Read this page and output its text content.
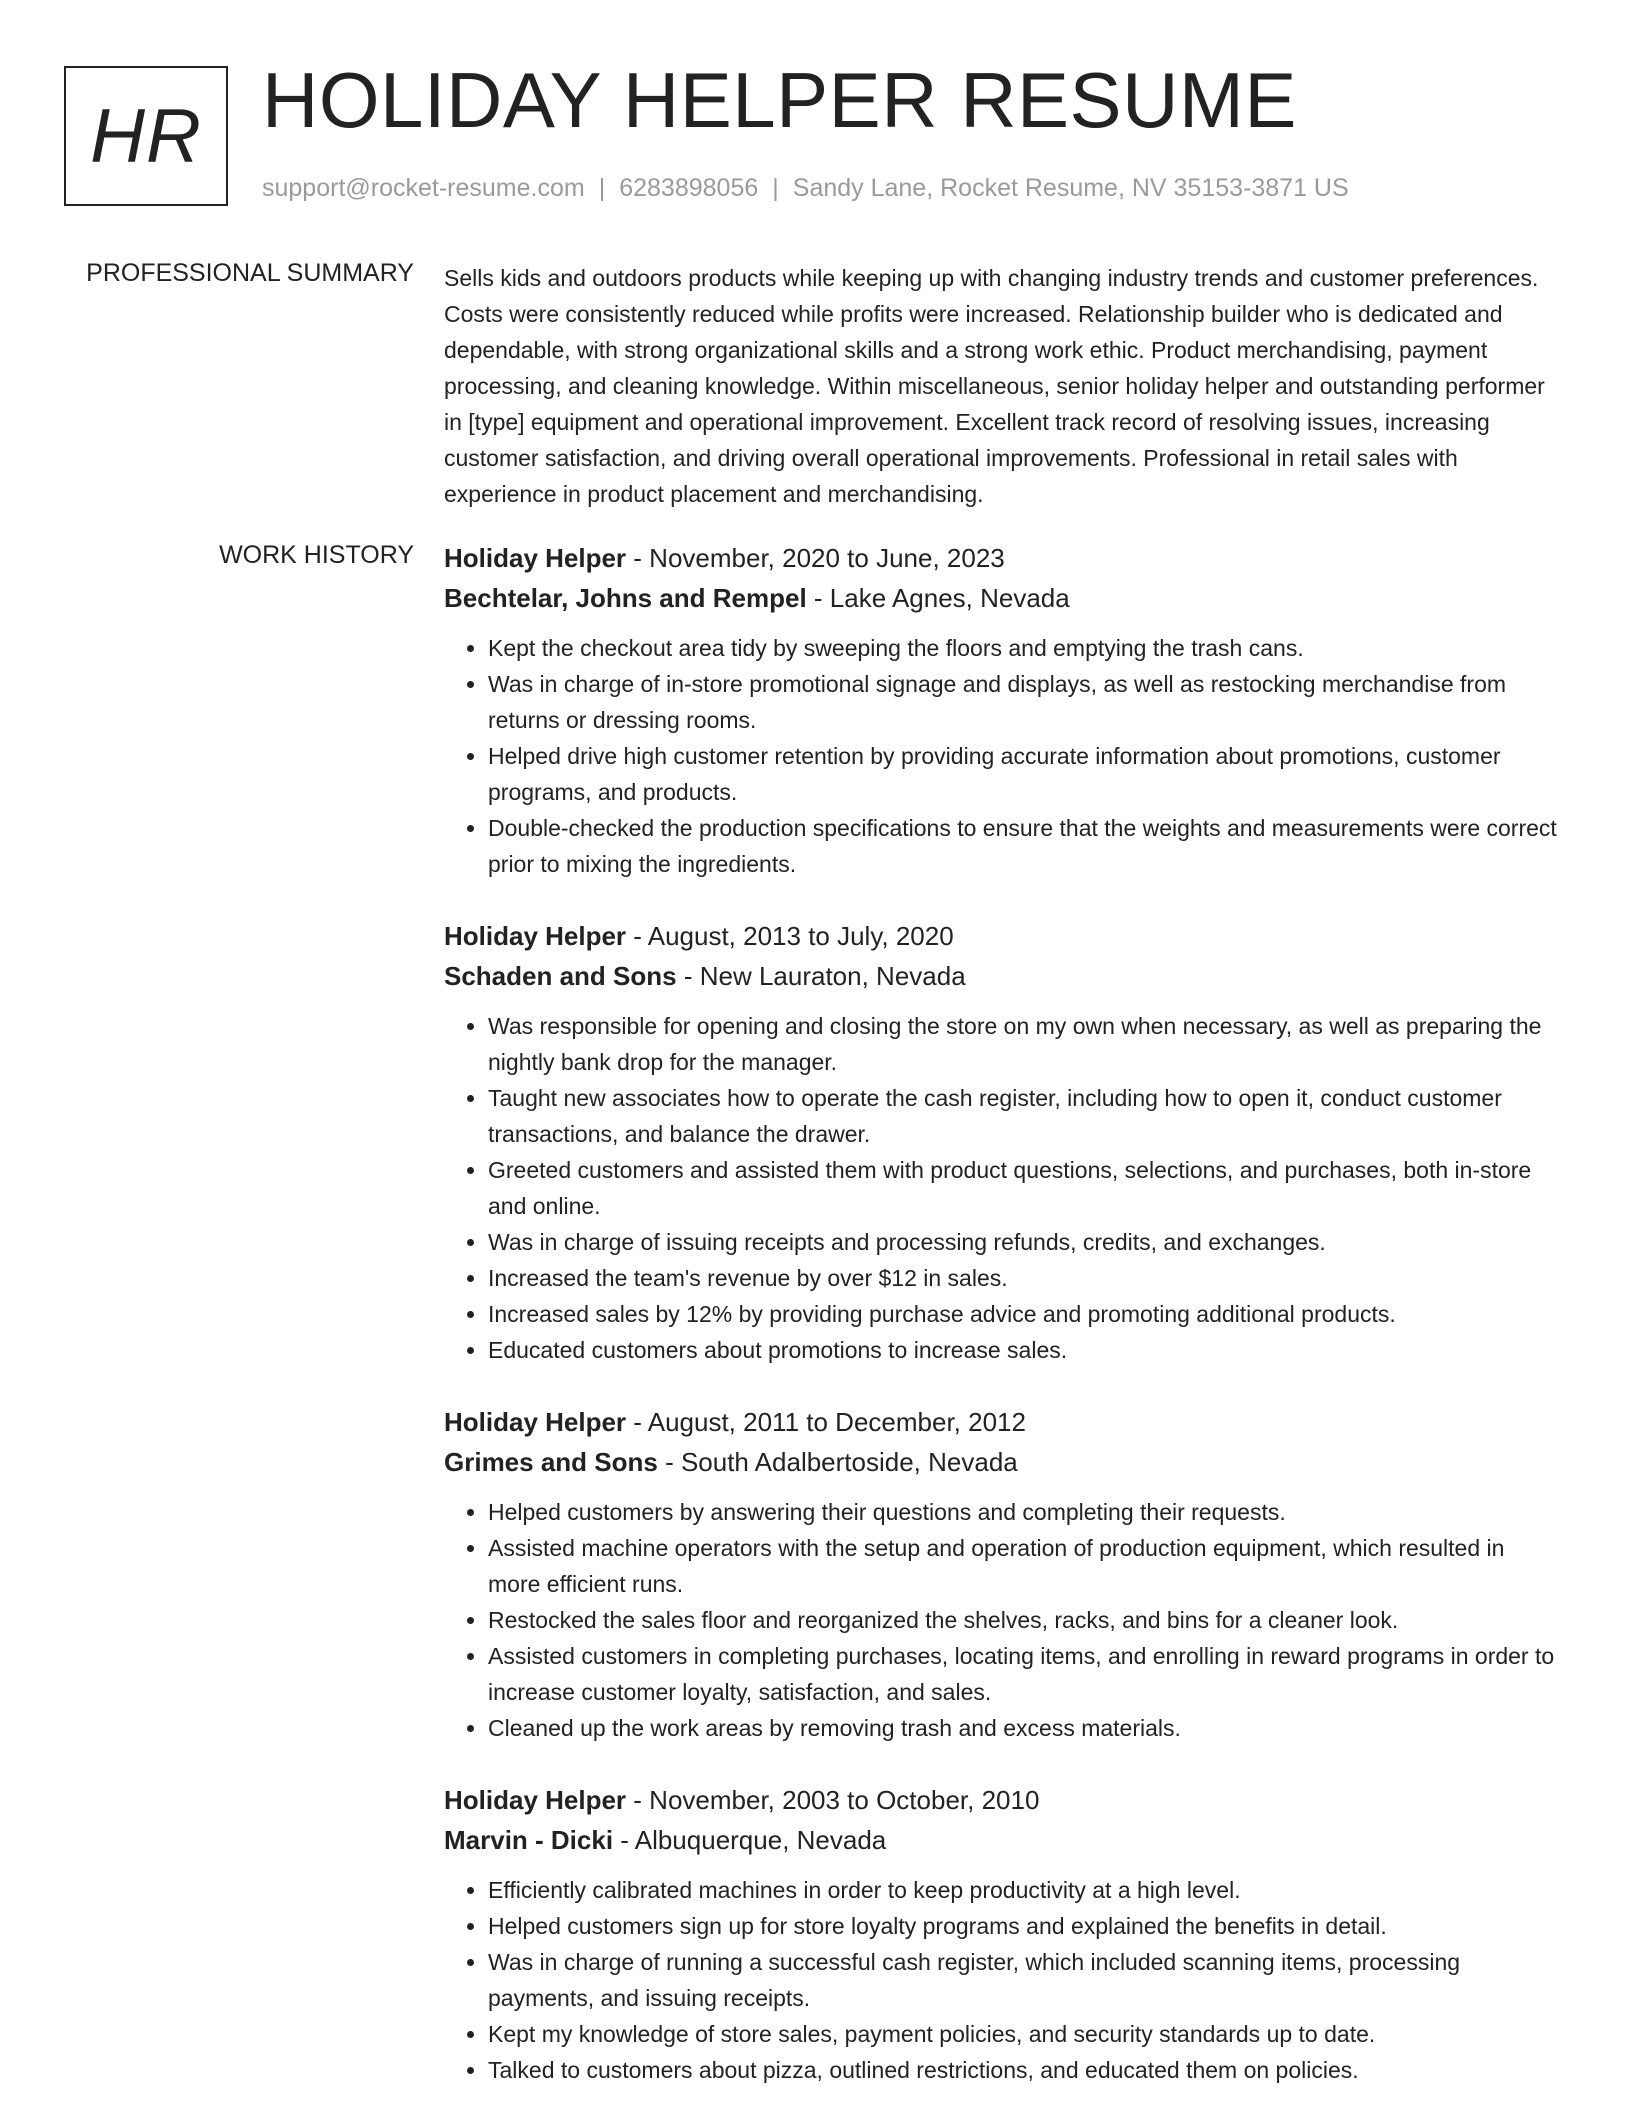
HR HOLIDAY HELPER RESUME
support@rocket-resume.com | 6283898056 | Sandy Lane, Rocket Resume, NV 35153-3871 US
PROFESSIONAL SUMMARY Sells kids and outdoors products while keeping up with changing industry trends and customer preferences. Costs were consistently reduced while profits were increased. Relationship builder who is dedicated and dependable, with strong organizational skills and a strong work ethic. Product merchandising, payment processing, and cleaning knowledge. Within miscellaneous, senior holiday helper and outstanding performer in [type] equipment and operational improvement. Excellent track record of resolving issues, increasing customer satisfaction, and driving overall operational improvements. Professional in retail sales with experience in product placement and merchandising.

WORK HISTORY Holiday Helper - November, 2020 to June, 2023
Bechtelar, Johns and Rempel - Lake Agnes, Nevada
• Kept the checkout area tidy by sweeping the floors and emptying the trash cans.
• Was in charge of in-store promotional signage and displays, as well as restocking merchandise from returns or dressing rooms.
• Helped drive high customer retention by providing accurate information about promotions, customer programs, and products.
• Double-checked the production specifications to ensure that the weights and measurements were correct prior to mixing the ingredients.
Holiday Helper - August, 2013 to July, 2020
Schaden and Sons - New Lauraton, Nevada
• Was responsible for opening and closing the store on my own when necessary, as well as preparing the nightly bank drop for the manager.
• Taught new associates how to operate the cash register, including how to open it, conduct customer transactions, and balance the drawer.
• Greeted customers and assisted them with product questions, selections, and purchases, both in-store and online.
• Was in charge of issuing receipts and processing refunds, credits, and exchanges.
• Increased the team's revenue by over $12 in sales.
• Increased sales by 12% by providing purchase advice and promoting additional products.
• Educated customers about promotions to increase sales.
Holiday Helper - August, 2011 to December, 2012
Grimes and Sons - South Adalbertoside, Nevada
• Helped customers by answering their questions and completing their requests.
• Assisted machine operators with the setup and operation of production equipment, which resulted in more efficient runs.
• Restocked the sales floor and reorganized the shelves, racks, and bins for a cleaner look.
• Assisted customers in completing purchases, locating items, and enrolling in reward programs in order to increase customer loyalty, satisfaction, and sales.
• Cleaned up the work areas by removing trash and excess materials.
Holiday Helper - November, 2003 to October, 2010
Marvin - Dicki - Albuquerque, Nevada
• Efficiently calibrated machines in order to keep productivity at a high level.
• Helped customers sign up for store loyalty programs and explained the benefits in detail.
• Was in charge of running a successful cash register, which included scanning items, processing payments, and issuing receipts.
• Kept my knowledge of store sales, payment policies, and security standards up to date.
• Talked to customers about pizza, outlined restrictions, and educated them on policies.
